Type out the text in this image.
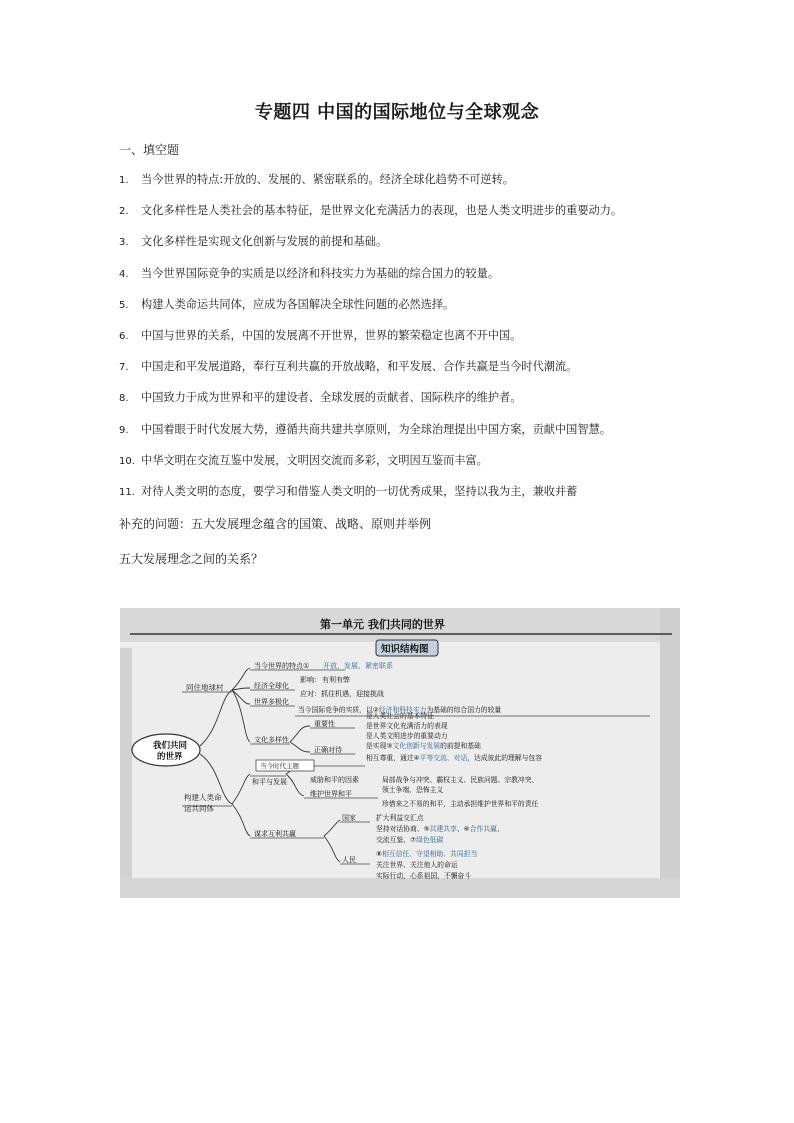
专题四 中国的国际地位与全球观念
一、填空题
1. 当今世界的特点:开放的、发展的、紧密联系的。经济全球化趋势不可逆转。
2. 文化多样性是人类社会的基本特征，是世界文化充满活力的表现，也是人类文明进步的重要动力。
3. 文化多样性是实现文化创新与发展的前提和基础。
4. 当今世界国际竞争的实质是以经济和科技实力为基础的综合国力的较量。
5. 构建人类命运共同体，应成为各国解决全球性问题的必然选择。
6. 中国与世界的关系，中国的发展离不开世界，世界的繁荣稳定也离不开中国。
7. 中国走和平发展道路，奉行互利共赢的开放战略，和平发展、合作共赢是当今时代潮流。
8. 中国致力于成为世界和平的建设者、全球发展的贡献者、国际秩序的维护者。
9. 中国着眼于时代发展大势，遵循共商共建共享原则，为全球治理提出中国方案，贡献中国智慧。
10. 中华文明在交流互鉴中发展，文明因交流而多彩，文明因互鉴而丰富。
11. 对待人类文明的态度，要学习和借鉴人类文明的一切优秀成果，坚持以我为主，兼收并蓄
补充的问题：五大发展理念蕴含的国策、战略、原则并举例
五大发展理念之间的关系？
第一单元 我们共同的世界
知识结构图
我们共同
的世界
同住地球村
当今世界的特点① 开放、发展、紧密联系
经济全球化
影响： 有利有弊
应对：抓住机遇，迎接挑战
世界多极化
当今国际竞争的实质，以②经济和科技实力为基础的综合国力的较量
文化多样性
重要性
是人类社会的基本特征
是世界文化充满活力的表现
是人类文明进步的重要动力
正确对待	是实现③文化创新与发展的前提和基础
相互尊重，通过④平等交流、对话，达成彼此的理解与包容
构建人类命
运共同体
当今时代主题
和平与发展	威胁和平的因素	局部战争与冲突、霸权主义、民族问题、宗教冲突、
领土争端、恐怖主义
维护世界和平
珍惜来之不易的和平，主动承担维护世界和平的责任
谋求互利共赢
国家	扩大利益交汇点
坚持对话协商、⑤共建共享、⑥合作共赢、
交流互鉴、⑦绿色低碳
人民
⑧相互信任、守望相助、共同担当
关注世界、关注他人的命运
实际行动，心系祖国，不懈奋斗
